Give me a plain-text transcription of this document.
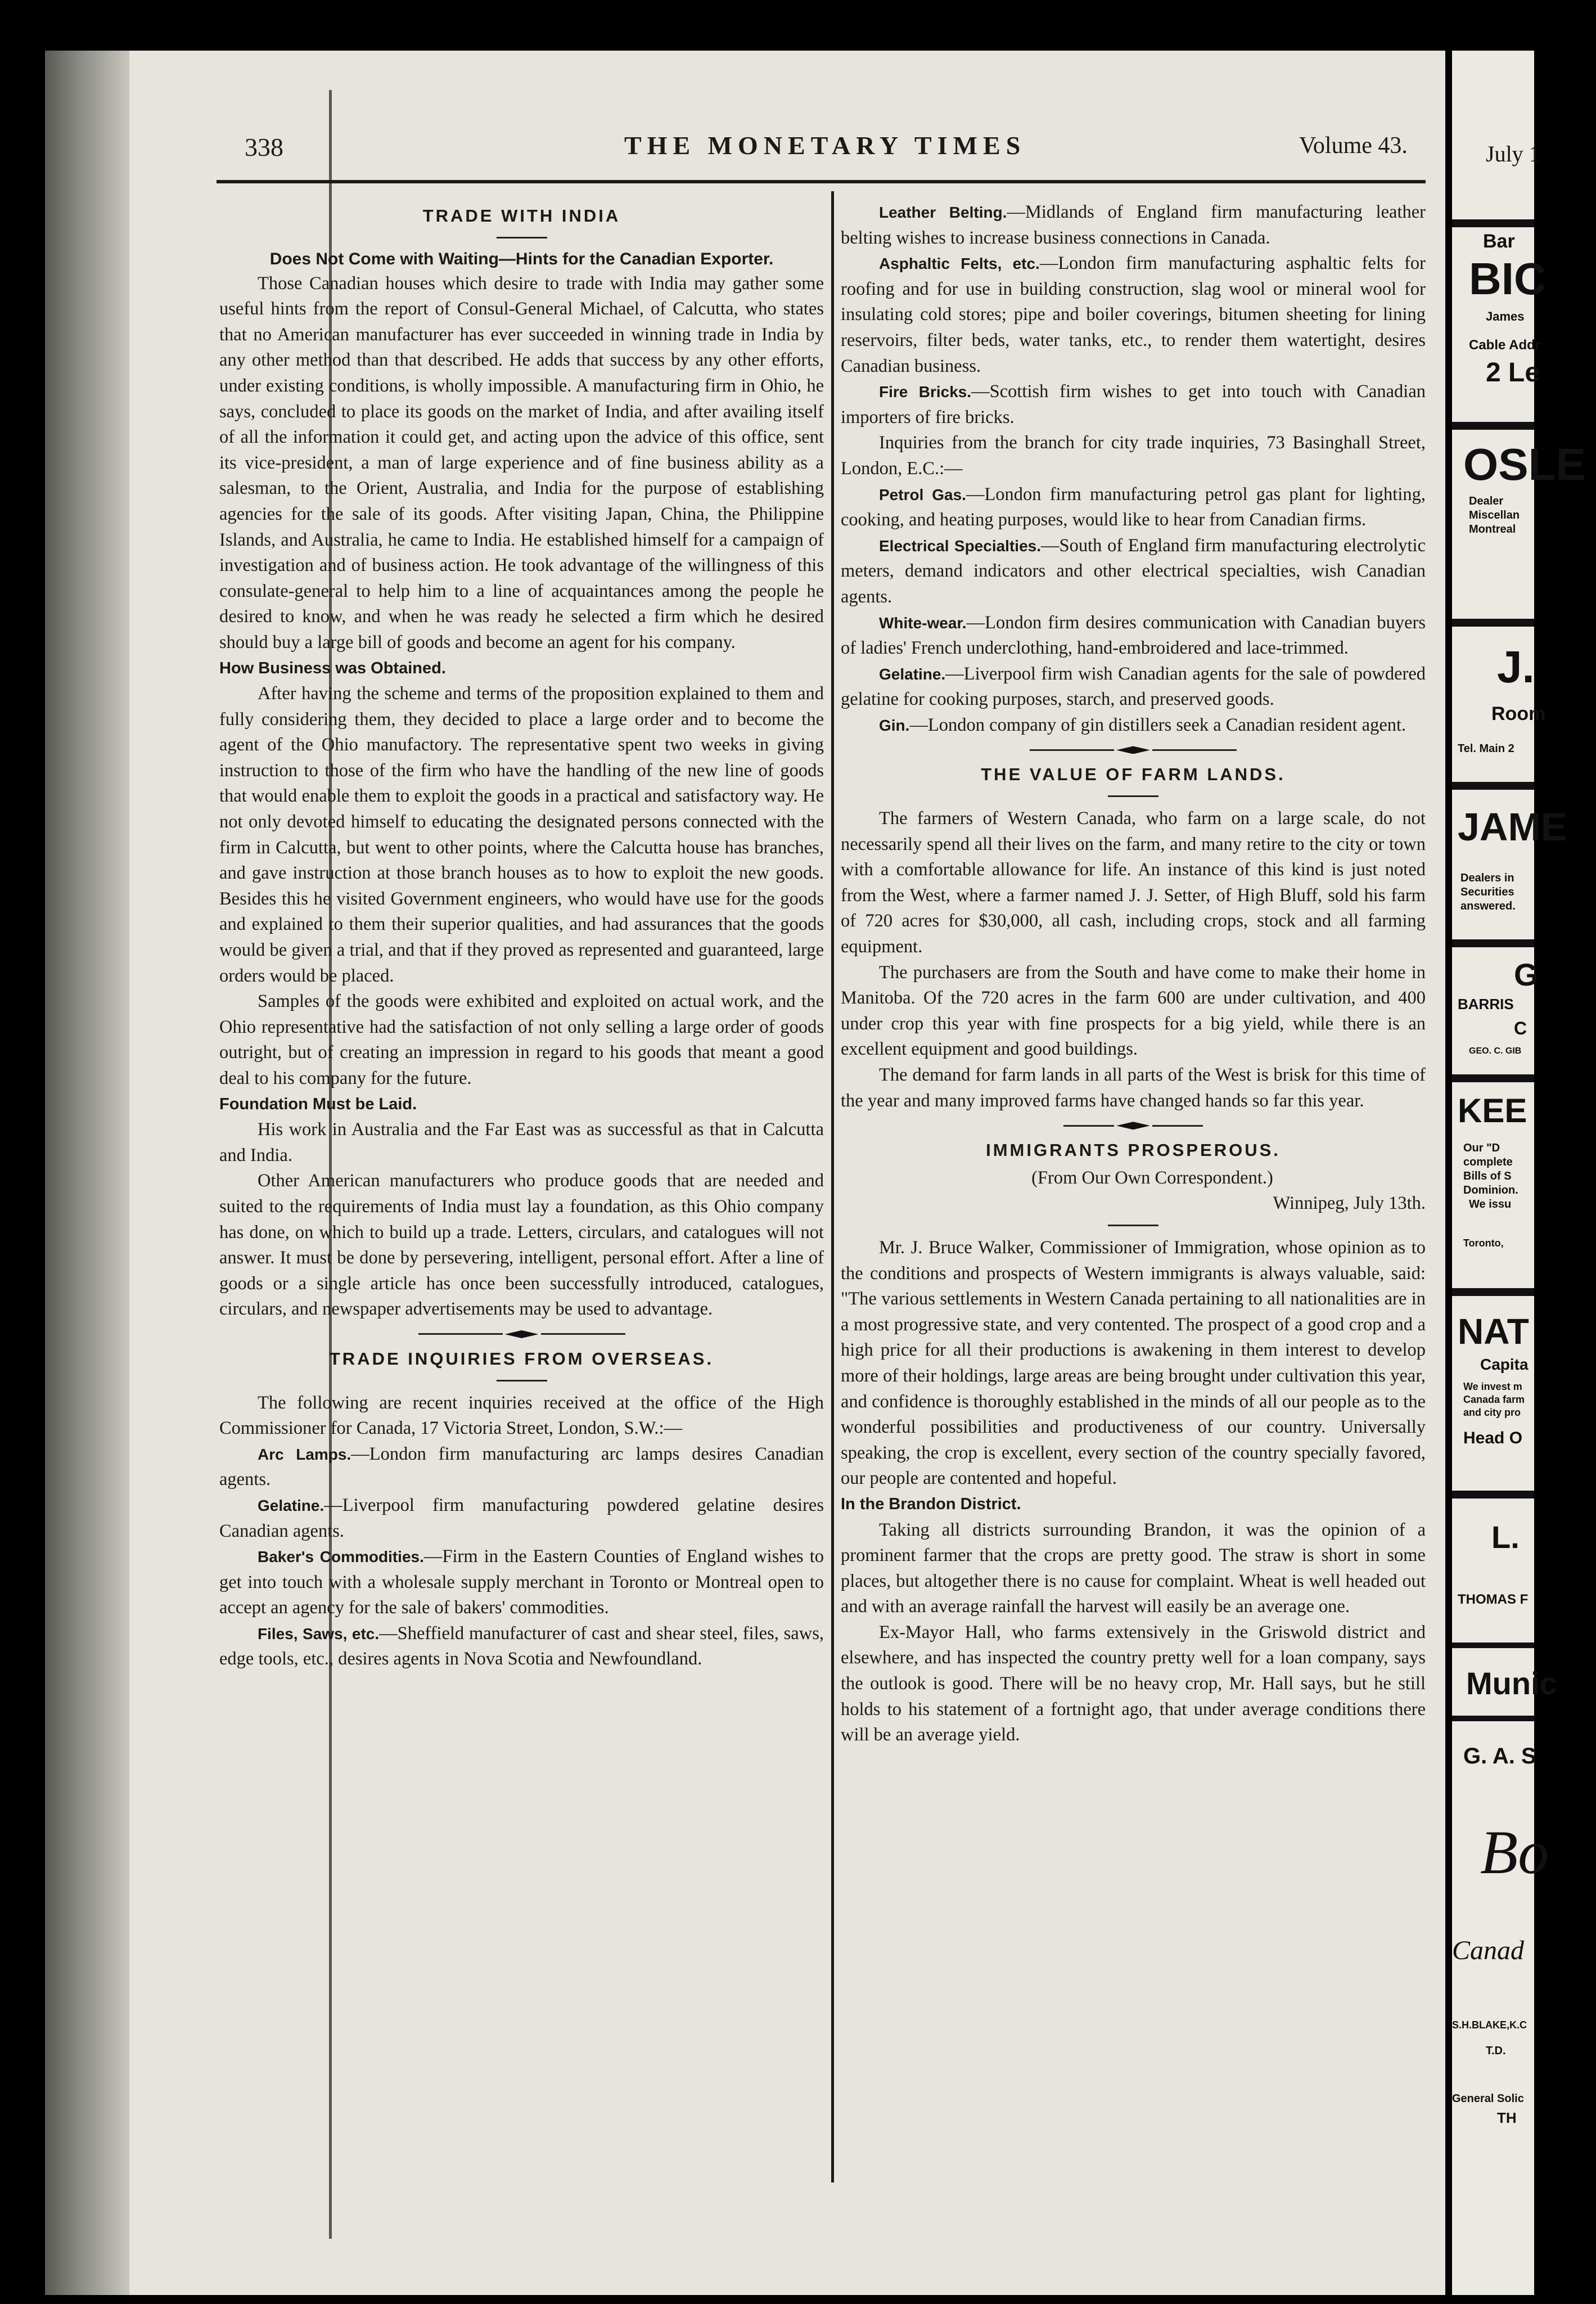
338	THE MONETARY TIMES	Volume 43.
TRADE WITH INDIA
Does Not Come with Waiting—Hints for the Canadian Exporter.

Those Canadian houses which desire to trade with India may gather some useful hints from the report of Consul-General Michael, of Calcutta, who states that no American manufacturer has ever succeeded in winning trade in India by any other method than that described. He adds that success by any other efforts, under existing conditions, is wholly impossible. A manufacturing firm in Ohio, he says, concluded to place its goods on the market of India, and after availing itself of all the information it could get, and acting upon the advice of this office, sent its vice-president, a man of large experience and of fine business ability as a salesman, to the Orient, Australia, and India for the purpose of establishing agencies for the sale of its goods. After visiting Japan, China, the Philippine Islands, and Australia, he came to India. He established himself for a campaign of investigation and of business action. He took advantage of the willingness of this consulate-general to help him to a line of acquaintances among the people he desired to know, and when he was ready he selected a firm which he desired should buy a large bill of goods and become an agent for his company.

How Business was Obtained.

After having the scheme and terms of the proposition explained to them and fully considering them, they decided to place a large order and to become the agent of the Ohio manufactory. The representative spent two weeks in giving instruction to those of the firm who have the handling of the new line of goods that would enable them to exploit the goods in a practical and satisfactory way. He not only devoted himself to educating the designated persons connected with the firm in Calcutta, but went to other points, where the Calcutta house has branches, and gave instruction at those branch houses as to how to exploit the new goods. Besides this he visited Government engineers, who would have use for the goods and explained to them their superior qualities, and had assurances that the goods would be given a trial, and that if they proved as represented and guaranteed, large orders would be placed.

Samples of the goods were exhibited and exploited on actual work, and the Ohio representative had the satisfaction of not only selling a large order of goods outright, but of creating an impression in regard to his goods that meant a good deal to his company for the future.

Foundation Must be Laid.

His work in Australia and the Far East was as successful as that in Calcutta and India.

Other American manufacturers who produce goods that are needed and suited to the requirements of India must lay a foundation, as this Ohio company has done, on which to build up a trade. Letters, circulars, and catalogues will not answer. It must be done by persevering, intelligent, personal effort. After a line of goods or a single article has once been successfully introduced, catalogues, circulars, and newspaper advertisements may be used to advantage.

TRADE INQUIRIES FROM OVERSEAS.

The following are recent inquiries received at the office of the High Commissioner for Canada, 17 Victoria Street, London, S.W.:—

Arc Lamps.—London firm manufacturing arc lamps desires Canadian agents.

Gelatine.—Liverpool firm manufacturing powdered gelatine desires Canadian agents.

Baker's Commodities.—Firm in the Eastern Counties of England wishes to get into touch with a wholesale supply merchant in Toronto or Montreal open to accept an agency for the sale of bakers' commodities.

Files, Saws, etc.—Sheffield manufacturer of cast and shear steel, files, saws, edge tools, etc., desires agents in Nova Scotia and Newfoundland.

Leather Belting.—Midlands of England firm manufacturing leather belting wishes to increase business connections in Canada.

Asphaltic Felts, etc.—London firm manufacturing asphaltic felts for roofing and for use in building construction, slag wool or mineral wool for insulating cold stores; pipe and boiler coverings, bitumen sheeting for lining reservoirs, filter beds, water tanks, etc., to render them watertight, desires Canadian business.

Fire Bricks.—Scottish firm wishes to get into touch with Canadian importers of fire bricks.

Inquiries from the branch for city trade inquiries, 73 Basinghall Street, London, E.C.:—

Petrol Gas.—London firm manufacturing petrol gas plant for lighting, cooking, and heating purposes, would like to hear from Canadian firms.

Electrical Specialties.—South of England firm manufacturing electrolytic meters, demand indicators and other electrical specialties, wish Canadian agents.

White-wear.—London firm desires communication with Canadian buyers of ladies' French underclothing, hand-embroidered and lace-trimmed.

Gelatine.—Liverpool firm wish Canadian agents for the sale of powdered gelatine for cooking purposes, starch, and preserved goods.

Gin.—London company of gin distillers seek a Canadian resident agent.

THE VALUE OF FARM LANDS.

The farmers of Western Canada, who farm on a large scale, do not necessarily spend all their lives on the farm, and many retire to the city or town with a comfortable allowance for life. An instance of this kind is just noted from the West, where a farmer named J. J. Setter, of High Bluff, sold his farm of 720 acres for $30,000, all cash, including crops, stock and all farming equipment.

The purchasers are from the South and have come to make their home in Manitoba. Of the 720 acres in the farm 600 are under cultivation, and 400 under crop this year with fine prospects for a big yield, while there is an excellent equipment and good buildings.

The demand for farm lands in all parts of the West is brisk for this time of the year and many improved farms have changed hands so far this year.

IMMIGRANTS PROSPEROUS.

(From Our Own Correspondent.)

Winnipeg, July 13th.

Mr. J. Bruce Walker, Commissioner of Immigration, whose opinion as to the conditions and prospects of Western immigrants is always valuable, said: "The various settlements in Western Canada pertaining to all nationalities are in a most progressive state, and very contented. The prospect of a good crop and a high price for all their productions is awakening in them interest to develop more of their holdings, large areas are being brought under cultivation this year, and confidence is thoroughly established in the minds of all our people as to the wonderful possibilities and productiveness of our country. Universally speaking, the crop is excellent, every section of the country specially favored, our people are contented and hopeful.

In the Brandon District.

Taking all districts surrounding Brandon, it was the opinion of a prominent farmer that the crops are pretty good. The straw is short in some places, but altogether there is no cause for complaint. Wheat is well headed out and with an average rainfall the harvest will easily be an average one.

Ex-Mayor Hall, who farms extensively in the Griswold district and elsewhere, and has inspected the country pretty well for a loan company, says the outlook is good. There will be no heavy crop, Mr. Hall says, but he still holds to his statement of a fortnight ago, that under average conditions there will be an average yield.

July 1
Bar
BIC
James
Cable Addr
2 Le
OSLE
Dealer
Miscellan
Montreal
J.
Room
Tel. Main 2
JAME
Dealers in
Securities
answered.
G
BARRIS
C
GEO. C. GIB
KEE
Our "D
complete
Bills of S
Dominion.
We issu
Toronto,
NAT
Capita
We invest m
Canada farm
and city pro
Head O
L.
THOMAS F
Munic
G. A. S
Bo
Canad
S.H.BLAKE,K.C
T.D.
General Solic
TH
